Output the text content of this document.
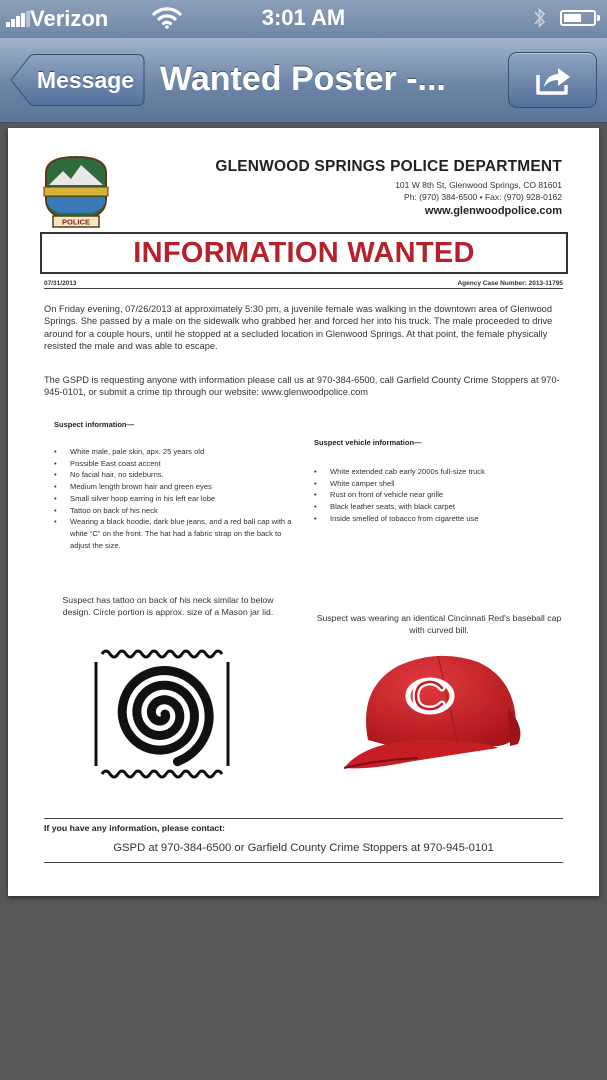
Verizon	3:01 AM
Message Wanted Poster -...
POLICE
GLENWOOD SPRINGS POLICE DEPARTMENT
101 W 8th St, Glenwood Springs, CO 81601
Ph: (970) 384-6500 • Fax: (970) 928-0162
www.glenwoodpolice.com
INFORMATION WANTED
07/31/2013	Agency Case Number: 2013-11795

On Friday evening, 07/26/2013 at approximately 5:30 pm, a juvenile female was walking in the downtown area of Glenwood Springs. She passed by a male on the sidewalk who grabbed her and forced her into his truck. The male proceeded to drive around for a couple hours, until he stopped at a secluded location in Glenwood Springs. At that point, the female physically resisted the male and was able to escape.

The GSPD is requesting anyone with information please call us at 970-384-6500, call Garfield County Crime Stoppers at 970-945-0101, or submit a crime tip through our website: www.glenwoodpolice.com

Suspect information—
• White male, pale skin, apx. 25 years old
• Possible East coast accent
• No facial hair, no sideburns.
• Medium length brown hair and green eyes
• Small silver hoop earring in his left ear lobe
• Tattoo on back of his neck
• Wearing a black hoodie, dark blue jeans, and a red ball cap with a white “C” on the front. The hat had a fabric strap on the back to adjust the size.
Suspect vehicle information—
• White extended cab early 2000s full-size truck
• White camper shell
• Rust on front of vehicle near grille
• Black leather seats, with black carpet
• Inside smelled of tobacco from cigarette use
Suspect has tattoo on back of his neck similar to below design. Circle portion is approx. size of a Mason jar lid.
Suspect was wearing an identical Cincinnati Red's baseball cap with curved bill.
If you have any information, please contact:
GSPD at 970-384-6500 or Garfield County Crime Stoppers at 970-945-0101
